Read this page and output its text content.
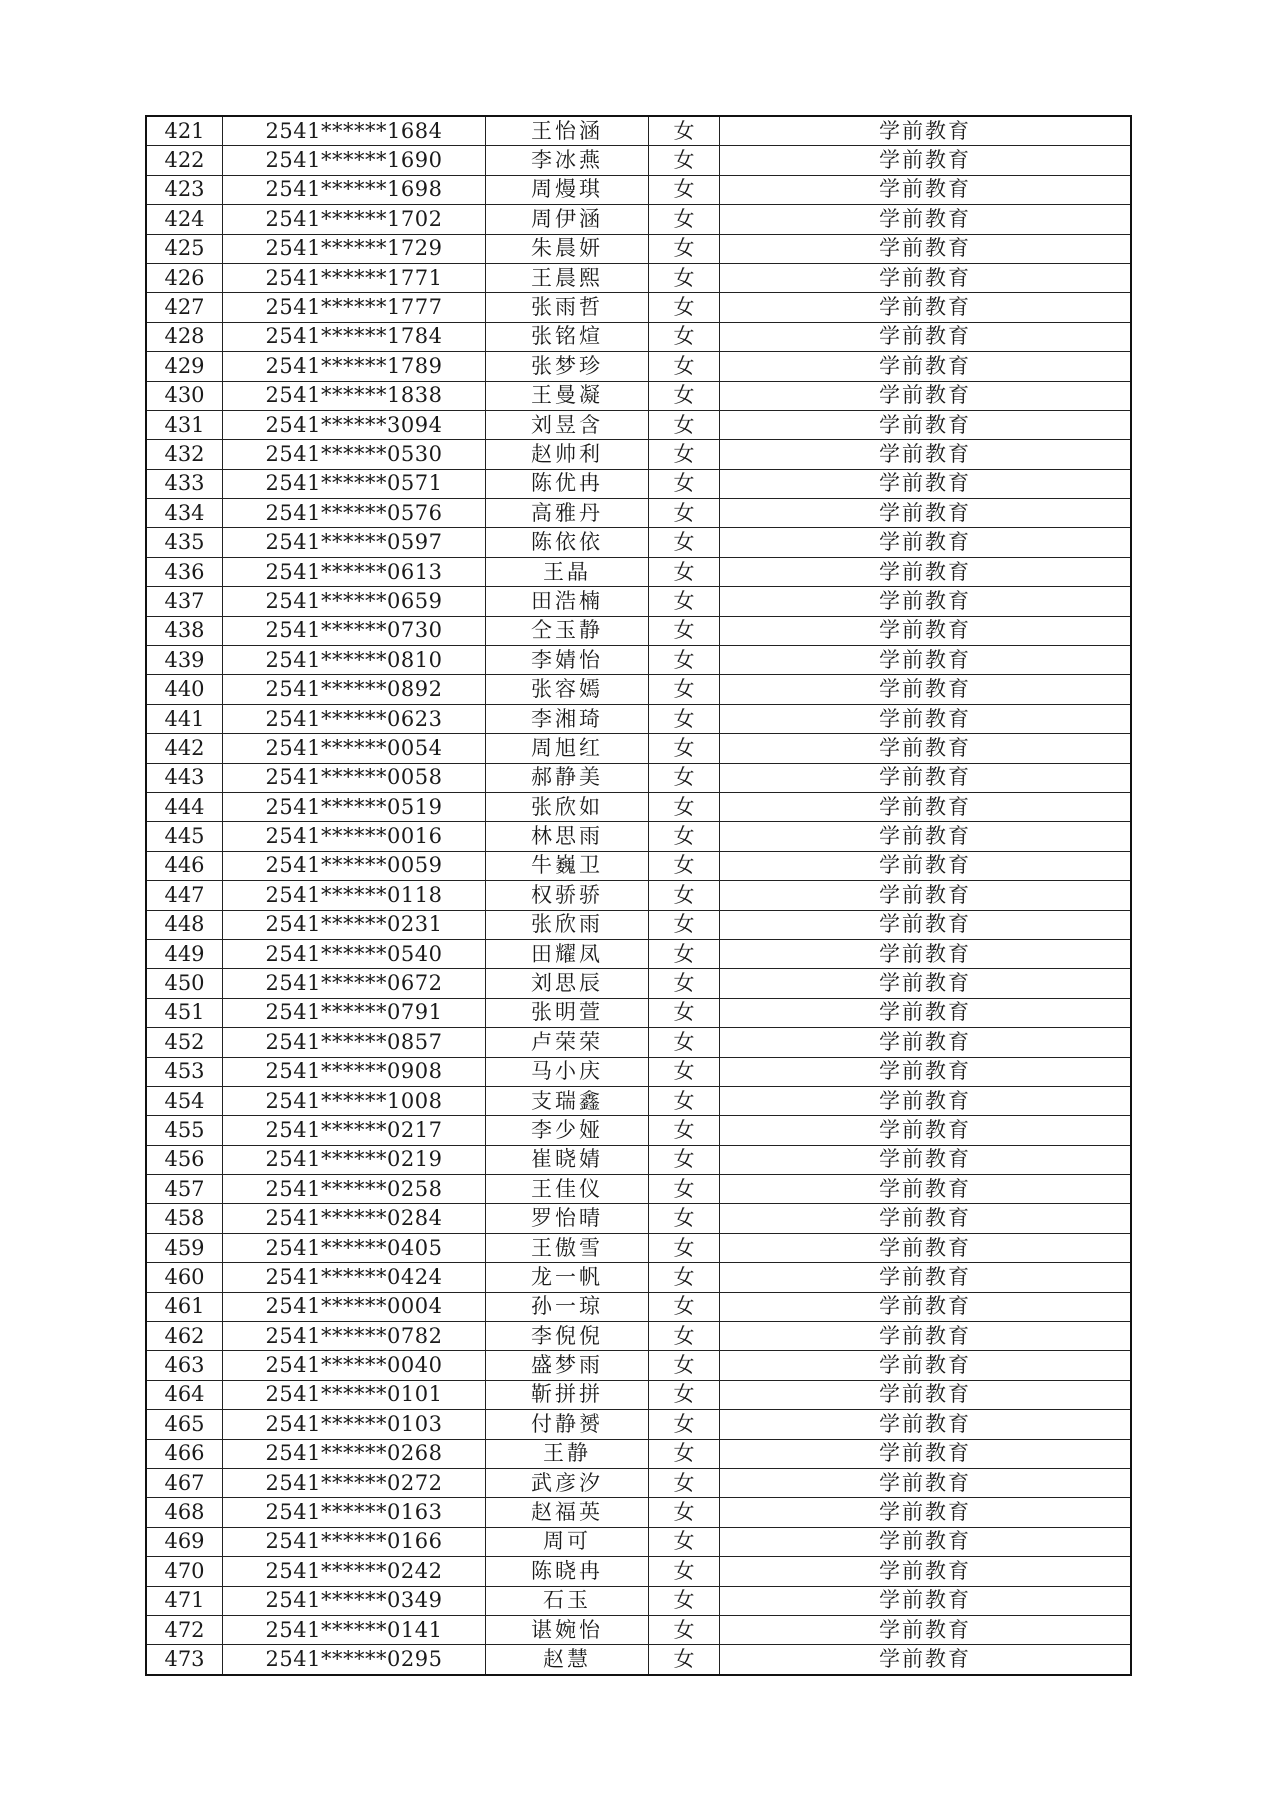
421	2541******1684	王怡涵	女	学前教育
422	2541******1690	李冰燕	女	学前教育
423	2541******1698	周熳琪	女	学前教育
424	2541******1702	周伊涵	女	学前教育
425	2541******1729	朱晨妍	女	学前教育
426	2541******1771	王晨熙	女	学前教育
427	2541******1777	张雨哲	女	学前教育
428	2541******1784	张铭煊	女	学前教育
429	2541******1789	张梦珍	女	学前教育
430	2541******1838	王曼凝	女	学前教育
431	2541******3094	刘昱含	女	学前教育
432	2541******0530	赵帅利	女	学前教育
433	2541******0571	陈优冉	女	学前教育
434	2541******0576	高雅丹	女	学前教育
435	2541******0597	陈依依	女	学前教育
436	2541******0613	王晶	女	学前教育
437	2541******0659	田浩楠	女	学前教育
438	2541******0730	仝玉静	女	学前教育
439	2541******0810	李婧怡	女	学前教育
440	2541******0892	张容嫣	女	学前教育
441	2541******0623	李湘琦	女	学前教育
442	2541******0054	周旭红	女	学前教育
443	2541******0058	郝静美	女	学前教育
444	2541******0519	张欣如	女	学前教育
445	2541******0016	林思雨	女	学前教育
446	2541******0059	牛巍卫	女	学前教育
447	2541******0118	权骄骄	女	学前教育
448	2541******0231	张欣雨	女	学前教育
449	2541******0540	田耀凤	女	学前教育
450	2541******0672	刘思辰	女	学前教育
451	2541******0791	张明萱	女	学前教育
452	2541******0857	卢荣荣	女	学前教育
453	2541******0908	马小庆	女	学前教育
454	2541******1008	支瑞鑫	女	学前教育
455	2541******0217	李少娅	女	学前教育
456	2541******0219	崔晓婧	女	学前教育
457	2541******0258	王佳仪	女	学前教育
458	2541******0284	罗怡晴	女	学前教育
459	2541******0405	王傲雪	女	学前教育
460	2541******0424	龙一帆	女	学前教育
461	2541******0004	孙一琼	女	学前教育
462	2541******0782	李倪倪	女	学前教育
463	2541******0040	盛梦雨	女	学前教育
464	2541******0101	靳拼拼	女	学前教育
465	2541******0103	付静赟	女	学前教育
466	2541******0268	王静	女	学前教育
467	2541******0272	武彦汐	女	学前教育
468	2541******0163	赵福英	女	学前教育
469	2541******0166	周可	女	学前教育
470	2541******0242	陈晓冉	女	学前教育
471	2541******0349	石玉	女	学前教育
472	2541******0141	谌婉怡	女	学前教育
473	2541******0295	赵慧	女	学前教育
